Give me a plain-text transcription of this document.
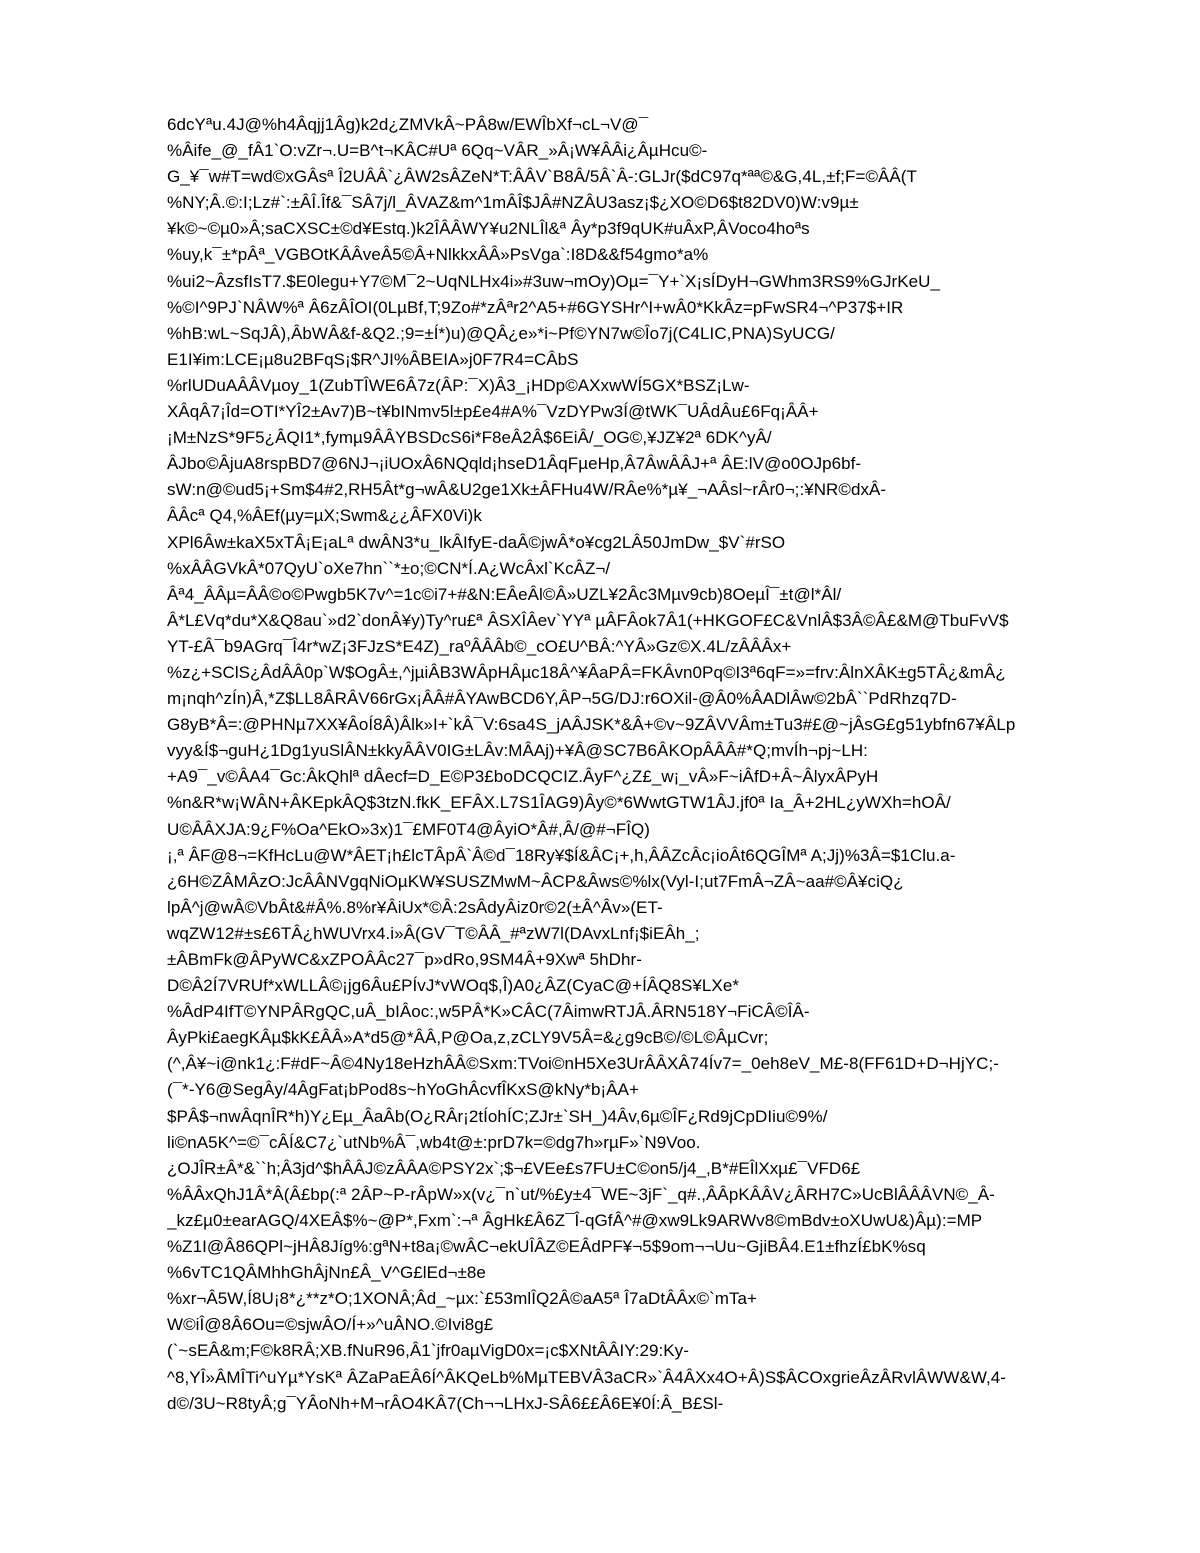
6dcYªu.4J@%h4Âqjj1Âg)k2d¿ZMVkÂ~PÂ8w/EWÎbXf¬cL¬V@¯
%Âife_@_fÂ1`O:vZr¬.U=B^t¬KÂC#Uª 6Qq~VÂR_»Â¡W¥ÂÂi¿ÂµHcu©-
G_¥¯w#T=wd©xGÂsª Î2UÂÂ`¿ÂW2sÂZeN*T:ÂÂV`B8Â/5Â`Â-:GLJr($dC97q*ªª©&G,4L,±f;F=©ÂÂ(T
%NY;Â.©:I;Lz#`:±ÂÎ.Îf&¯SÂ7j/l_ÂVAZ&m^1mÂÎ$JÂ#NZÂU3asz¡$¿XO©D6$t82DV0)W:v9µ±
¥k©~©µ0»Â;saCXSC±©d¥Estq.)k2ÎÂÂWY¥u2NLÎl&ª Ây*p3f9qUK#uÂxP,ÂVoco4hoªs
%uy,k¯±*pÂª_VGBOtKÂÂveÂ5©Â+NlkkxÂÂ»PsVga`:I8D&&f54gmo*a%
%ui2~ÂzsfIsT7.$E0legu+Y7©M¯2~UqNLHx4i»#3uw¬mOy)Oµ=¯Y+`X¡sÍDyH¬GWhm3RS9%GJrKeU_
%©I^9PJ`NÂW%ª Â6zÂÎOI(0LµBf,T;9Zo#*zÂªr2^A5+#6GYSHr^I+wÂ0*KkÂz=pFwSR4¬^P37$+IR
%hB:wL~SqJÂ),ÂbWÂ&f-&Q2.;9=±Í*)u)@QÂ¿e»*i~Pf©YN7w©Îo7j(C4LIC,PNA)SyUCG/
E1I¥im:LCE¡µ8u2BFqS¡$R^JI%ÂBEIA»j0F7R4=CÂbS
%rlUDuAÂÂVµoy_1(ZubTÎWE6Â7z(ÂP:¯X)Â3_¡HDp©AXxwWÍ5GX*BSZ¡Lw-
XÂqÂ7¡Îd=OTI*YÎ2±Av7)B~t¥bINmv5l±p£e4#A%¯VzDYPw3Í@tWK¯UÂdÂu£6Fq¡ÂÂ+
¡M±NzS*9F5¿ÂQI1*,fymµ9ÂÂYBSDcS6i*F8eÂ2Â$6EiÂ/_OG©,¥JZ¥2ª 6DK^yÂ/
ÂJbo©ÂjuA8rspBD7@6NJ¬¡iUOxÂ6NQqld¡hseD1ÂqFµeHp,Â7ÂwÂÂJ+ª ÂE:lV@o0OJp6bf-
sW:n@©ud5¡+Sm$4#2,RH5Ât*g¬wÂ&U2ge1Xk±ÂFHu4W/RÂe%*µ¥_¬AÂsl~rÂr0¬;:¥NR©dxÂ-
ÂÂcª Q4,%ÂEf(µy=µX;Swm&¿¿ÂFX0Vi)k
XPl6Âw±kaX5xTÂ¡E¡aLª dwÂN3*u_lkÂIfyE-daÂ©jwÂ*o¥cg2LÂ50JmDw_$V`#rSO
%xÂÂGVkÂ*07QyU`oXe7hn``*±o;©CN*Í.A¿WcÂxl`KcÂZ¬/
Âª4_ÂÂµ=ÂÂ©o©Pwgb5K7v^=1c©i7+#&N:EÂeÂl©Â»UZL¥2Âc3Mµv9cb)8OeµÎ¯±t@l*Âl/
Â*L£Vq*du*X&Q8au`»d2`donÂ¥y)Ty^ru£ª ÂSXÎÂev`YYª µÂFÂok7Â1(+HKGOF£C&VnlÂ$3Â©Â£&M@TbuFvV$
YT-£Â¯b9AGrq¯Î4r*wZ¡3FJzS*E4Z)_raºÂÂÂb©_cO£U^BÂ:^YÂ»Gz©X.4L/zÂÂÂx+
%z¿+SClS¿ÂdÂÂ0p`W$OgÂ±,^jµiÂB3WÂpHÂµc18Â^¥ÂaPÂ=FKÂvn0Pq©I3ª6qF=»=frv:ÂlnXÂK±g5TÂ¿&mÂ¿
m¡nqh^zÍn)Â,*Z$LL8ÂRÂV66rGx¡ÂÂ#ÂYAwBCD6Y,ÂP¬5G/DJ:r6OXil-@Â0%ÂADlÂw©2bÂ``PdRhzq7D-
G8yB*Â=:@PHNµ7XX¥ÂoÍ8Â)Âlk»I+`kÂ¯V:6sa4S_jAÂJSK*&Â+©v~9ZÂVVÂm±Tu3#£@~jÂsG£g51ybfn67¥ÂLp
vyy&Í$¬guH¿1Dg1yuSlÂN±kkyÂÂV0IG±LÂv:MÂAj)+¥Â@SC7B6ÂKOpÂÂÂ#*Q;mvÍh¬pj~LH:
+A9¯_v©ÂA4¯Gc:ÂkQhlª dÂecf=D_E©P3£boDCQCIZ.ÂyF^¿Z£_w¡_vÂ»F~iÂfD+Â~ÂlyxÂPyH
%n&R*w¡WÂN+ÂKEpkÂQ$3tzN.fkK_EFÂX.L7S1ÎAG9)Ây©*6WwtGTW1ÂJ.jf0ª Ia_Â+2HL¿yWXh=hOÂ/
U©ÂÂXJA:9¿F%Oa^EkO»3x)1¯£MF0T4@ÂyiO*Â#,Â/@#¬FÎQ)
¡,ª ÂF@8¬=KfHcLu@W*ÂET¡h£lcTÂpÂ`Â©d¯18Ry¥$Í&ÂC¡+,h,ÂÂZcÂc¡ioÂt6QGÎMª A;Jj)%3Â=$1Clu.a-
¿6H©ZÂMÂzO:JcÂÂNVgqNiOµKW¥SUSZMwM~ÂCP&Âws©%lx(Vyl-I;ut7FmÂ¬ZÂ~aa#©Â¥ciQ¿
lpÂ^j@wÂ©VbÂt&#Â%.8%r¥ÂiUx*©Â:2sÂdyÂiz0r©2(±Â^Âv»(ET-
wqZW12#±s£6TÂ¿hWUVrx4.i»Â(GV¯T©ÂÂ_#ªzW7l(DAvxLnf¡$iEÂh_;
±ÂBmFk@ÂPyWC&xZPOÂÂc27¯p»dRo,9SM4Â+9Xwª 5hDhr-
D©Â2Í7VRUf*xWLLÂ©¡jg6Âu£PÍvJ*vWOq$,Î)A0¿ÂZ(CyaC@+ÍÂQ8S¥LXe*
%ÂdP4IfT©YNPÂRgQC,uÂ_bIÂoc:,w5PÂ*K»CÂC(7ÂimwRTJÂ.ÂRN518Y¬FiCÂ©ÎÂ-
ÂyPki£aegKÂµ$kK£ÂÂ»A*d5@*ÂÂ,P@Oa,z,zCLY9V5Â=&¿g9cB©/©L©ÂµCvr;
(^,Â¥~i@nk1¿:F#dF~Â©4Ny18eHzhÂÂ©Sxm:TVoi©nH5Xe3UrÂÂXÂ74Ív7=_0eh8eV_M£-8(FF61D+D¬HjYC;-
(¯*-Y6@SegÂy/4ÂgFat¡bPod8s~hYoGhÂcvfÎKxS@kNy*b¡ÂA+
$PÂ$¬nwÂqnÎR*h)Y¿Eµ_ÂaÂb(O¿RÂr¡2tÍohÍC;ZJr±`SH_)4Âv,6µ©ÎF¿Rd9jCpDIiu©9%/
li©nA5K^=©¯cÂÍ&C7¿`utNb%Â¯,wb4t@±:prD7k=©dg7h»rµF»`N9Voo.
¿OJÎR±Â*&``h;Â3jd^$hÂÂJ©zÂÂA©PSY2x`;$¬£VEe£s7FU±C©on5/j4_,B*#EÎlXxµ£¯VFD6£
%ÂÂxQhJ1Â*Â(Â£bp(:ª 2ÂP~P-rÂpW»x(v¿¯n`ut/%£y±4¯WE~3jF`_q#.,ÂÂpKÂÂV¿ÂRH7C»UcBlÂÂÂVN©_Â-
_kz£µ0±earAGQ/4XEÂ$%~@P*,Fxm`:¬ª ÂgHk£Â6Z¯Î-qGfÂ^#@xw9Lk9ARWv8©mBdv±oXUwU&)Âµ):=MP
%Z1I@Â86QPl~jHÂ8Jíg%:gªN+t8a¡©wÂC¬ekUÎÂZ©EÂdPF¥¬5$9om¬¬Uu~GjiBÂ4.E1±fhzÍ£bK%sq
%6vTC1QÂMhhGhÂjNn£Â_V^G£lEd¬±8e
%xr¬Â5W,Í8U¡8*¿**z*O;1XONÂ;Âd_~µx:`£53mlÎQ2Â©aA5ª Î7aDtÂÂx©`mTa+
W©iÎ@8Â6Ou=©sjwÂO/Í+»^uÂNO.©Ivi8g£
(`~sEÂ&m;F©k8RÂ;XB.fNuR96,Â1`jfr0aµVigD0x=¡c$XNtÂÂIY:29:Ky-
^8,YÎ»ÂMÎTi^uYµ*YsKª ÂZaPaEÂ6Í^ÂKQeLb%MµTEBVÂ3aCR»`Â4ÂXx4O+Â)S$ÂCOxgrieÂzÂRvlÂWW&W,4-
d©/3U~R8tyÂ;g¯YÂoNh+M¬rÂO4KÂ7(Ch¬¬LHxJ-SÂ6££Â6E¥0Í:Â_B£Sl-
